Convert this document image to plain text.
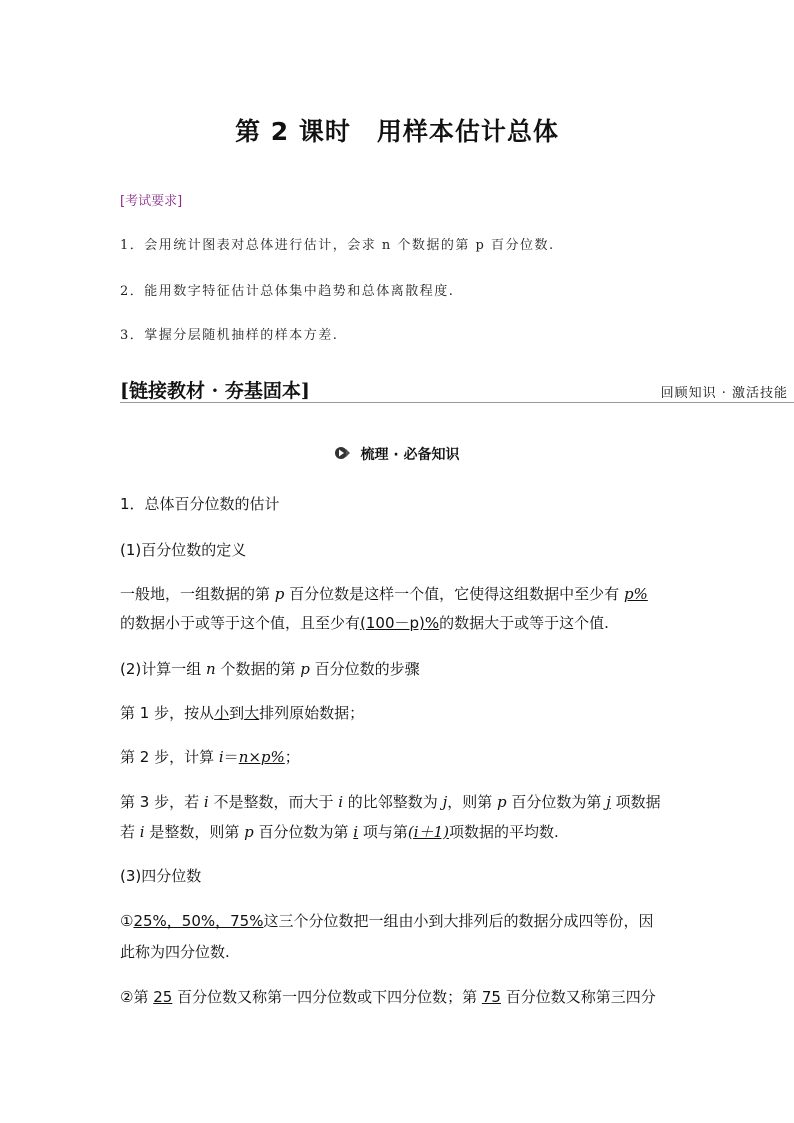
第 2 课时　用样本估计总体
[考试要求]
1．会用统计图表对总体进行估计，会求 n 个数据的第 p 百分位数.
2．能用数字特征估计总体集中趋势和总体离散程度.
3．掌握分层随机抽样的样本方差.
[链接教材 · 夯基固本]	回顾知识 · 激活技能
梳理 · 必备知识
1．总体百分位数的估计
(1)百分位数的定义
一般地，一组数据的第 p 百分位数是这样一个值，它使得这组数据中至少有 p%
的数据小于或等于这个值，且至少有(100－p)%的数据大于或等于这个值.
(2)计算一组 n 个数据的第 p 百分位数的步骤
第 1 步，按从小到大排列原始数据；
第 2 步，计算 i＝n×p%；
第 3 步，若 i 不是整数，而大于 i 的比邻整数为 j，则第 p 百分位数为第 j 项数据
若 i 是整数，则第 p 百分位数为第 i 项与第(i＋1)项数据的平均数.
(3)四分位数
①25%，50%，75%这三个分位数把一组由小到大排列后的数据分成四等份，因
此称为四分位数.
②第 25 百分位数又称第一四分位数或下四分位数；第 75 百分位数又称第三四分
